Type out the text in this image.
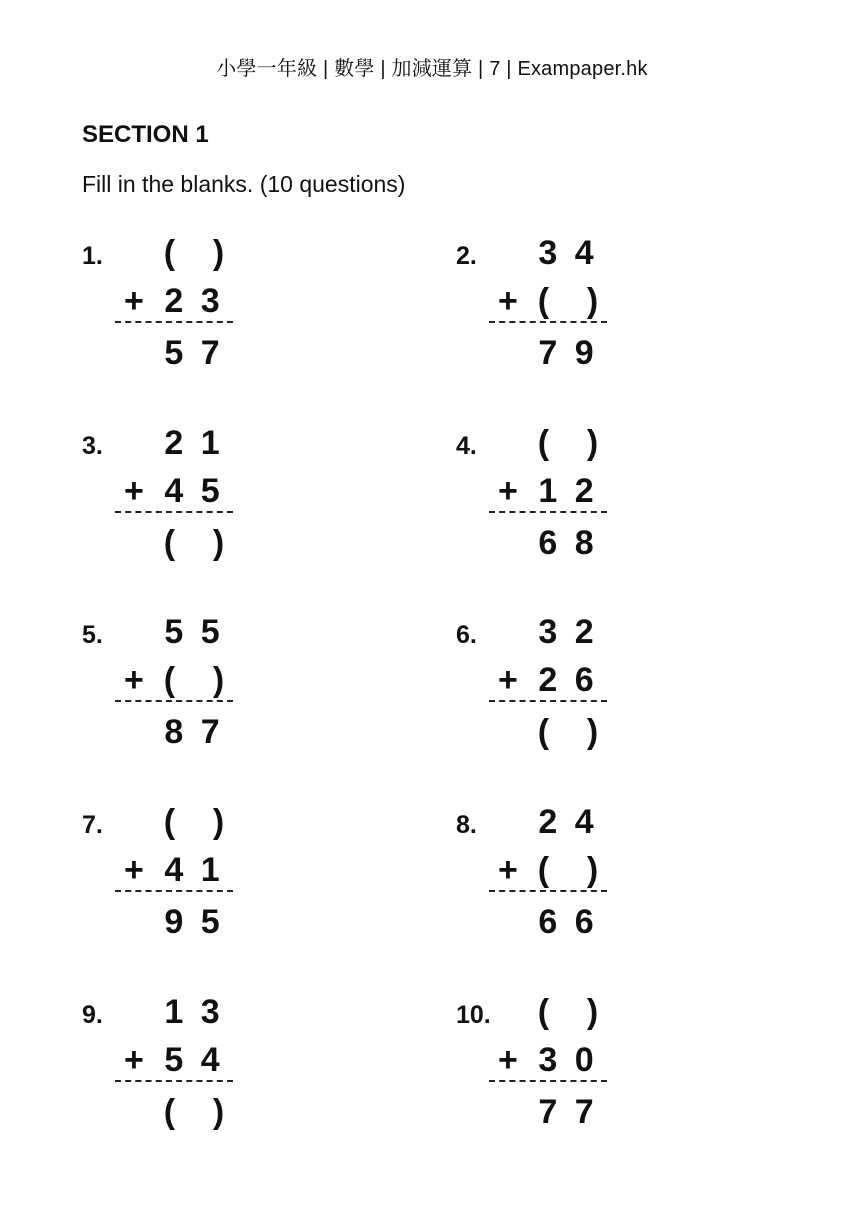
小學一年級 | 數學 | 加減運算 | 7 | Exampaper.hk
SECTION 1
Fill in the blanks. (10 questions)
1. (    )
+ 2 3
5 7
2.	3 4
+ (    )
7 9
3.	2 1
+ 4 5
(    )
4. (    )
+ 1 2
6 8
5.	5 5
+ (    )
8 7
6.	3 2
+ 2 6
(    )
7. (    )
+ 4 1
9 5
8.	2 4
+ (    )
6 6
9.	1 3
+ 5 4
(    )
10. (    )
+ 3 0
7 7
